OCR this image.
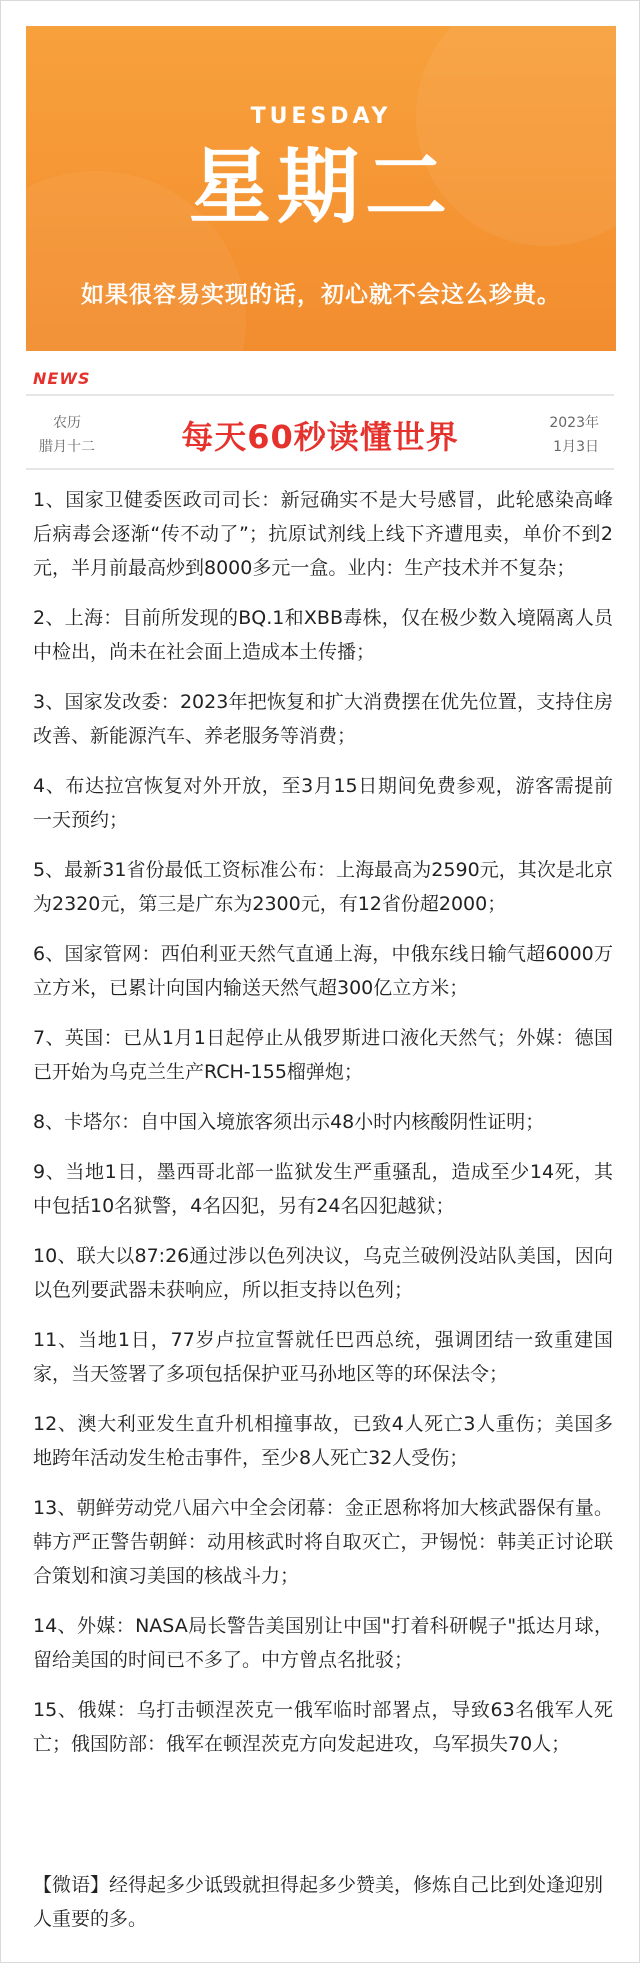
TUESDAY
星期二
如果很容易实现的话，初心就不会这么珍贵。
NEWS
农历
腊月十二	每天60秒读懂世界	2023年
1月3日
1、国家卫健委医政司司长：新冠确实不是大号感冒，此轮感染高峰后病毒会逐渐“传不动了”；抗原试剂线上线下齐遭甩卖，单价不到2元，半月前最高炒到8000多元一盒。业内：生产技术并不复杂；
2、上海：目前所发现的BQ.1和XBB毒株，仅在极少数入境隔离人员中检出，尚未在社会面上造成本土传播；
3、国家发改委：2023年把恢复和扩大消费摆在优先位置，支持住房改善、新能源汽车、养老服务等消费；
4、布达拉宫恢复对外开放，至3月15日期间免费参观，游客需提前一天预约；
5、最新31省份最低工资标准公布：上海最高为2590元，其次是北京为2320元，第三是广东为2300元，有12省份超2000；
6、国家管网：西伯利亚天然气直通上海，中俄东线日输气超6000万立方米，已累计向国内输送天然气超300亿立方米；
7、英国：已从1月1日起停止从俄罗斯进口液化天然气；外媒：德国已开始为乌克兰生产RCH-155榴弹炮；
8、卡塔尔：自中国入境旅客须出示48小时内核酸阴性证明；
9、当地1日，墨西哥北部一监狱发生严重骚乱，造成至少14死，其中包括10名狱警，4名囚犯，另有24名囚犯越狱；
10、联大以87:26通过涉以色列决议，乌克兰破例没站队美国，因向以色列要武器未获响应，所以拒支持以色列；
11、当地1日，77岁卢拉宣誓就任巴西总统，强调团结一致重建国家，当天签署了多项包括保护亚马孙地区等的环保法令；
12、澳大利亚发生直升机相撞事故，已致4人死亡3人重伤；美国多地跨年活动发生枪击事件，至少8人死亡32人受伤；
13、朝鲜劳动党八届六中全会闭幕：金正恩称将加大核武器保有量。韩方严正警告朝鲜：动用核武时将自取灭亡，尹锡悦：韩美正讨论联合策划和演习美国的核战斗力；
14、外媒：NASA局长警告美国别让中国"打着科研幌子"抵达月球，留给美国的时间已不多了。中方曾点名批驳；
15、俄媒：乌打击顿涅茨克一俄军临时部署点，导致63名俄军人死亡；俄国防部：俄军在顿涅茨克方向发起进攻，乌军损失70人；
【微语】经得起多少诋毁就担得起多少赞美，修炼自己比到处逢迎别人重要的多。
